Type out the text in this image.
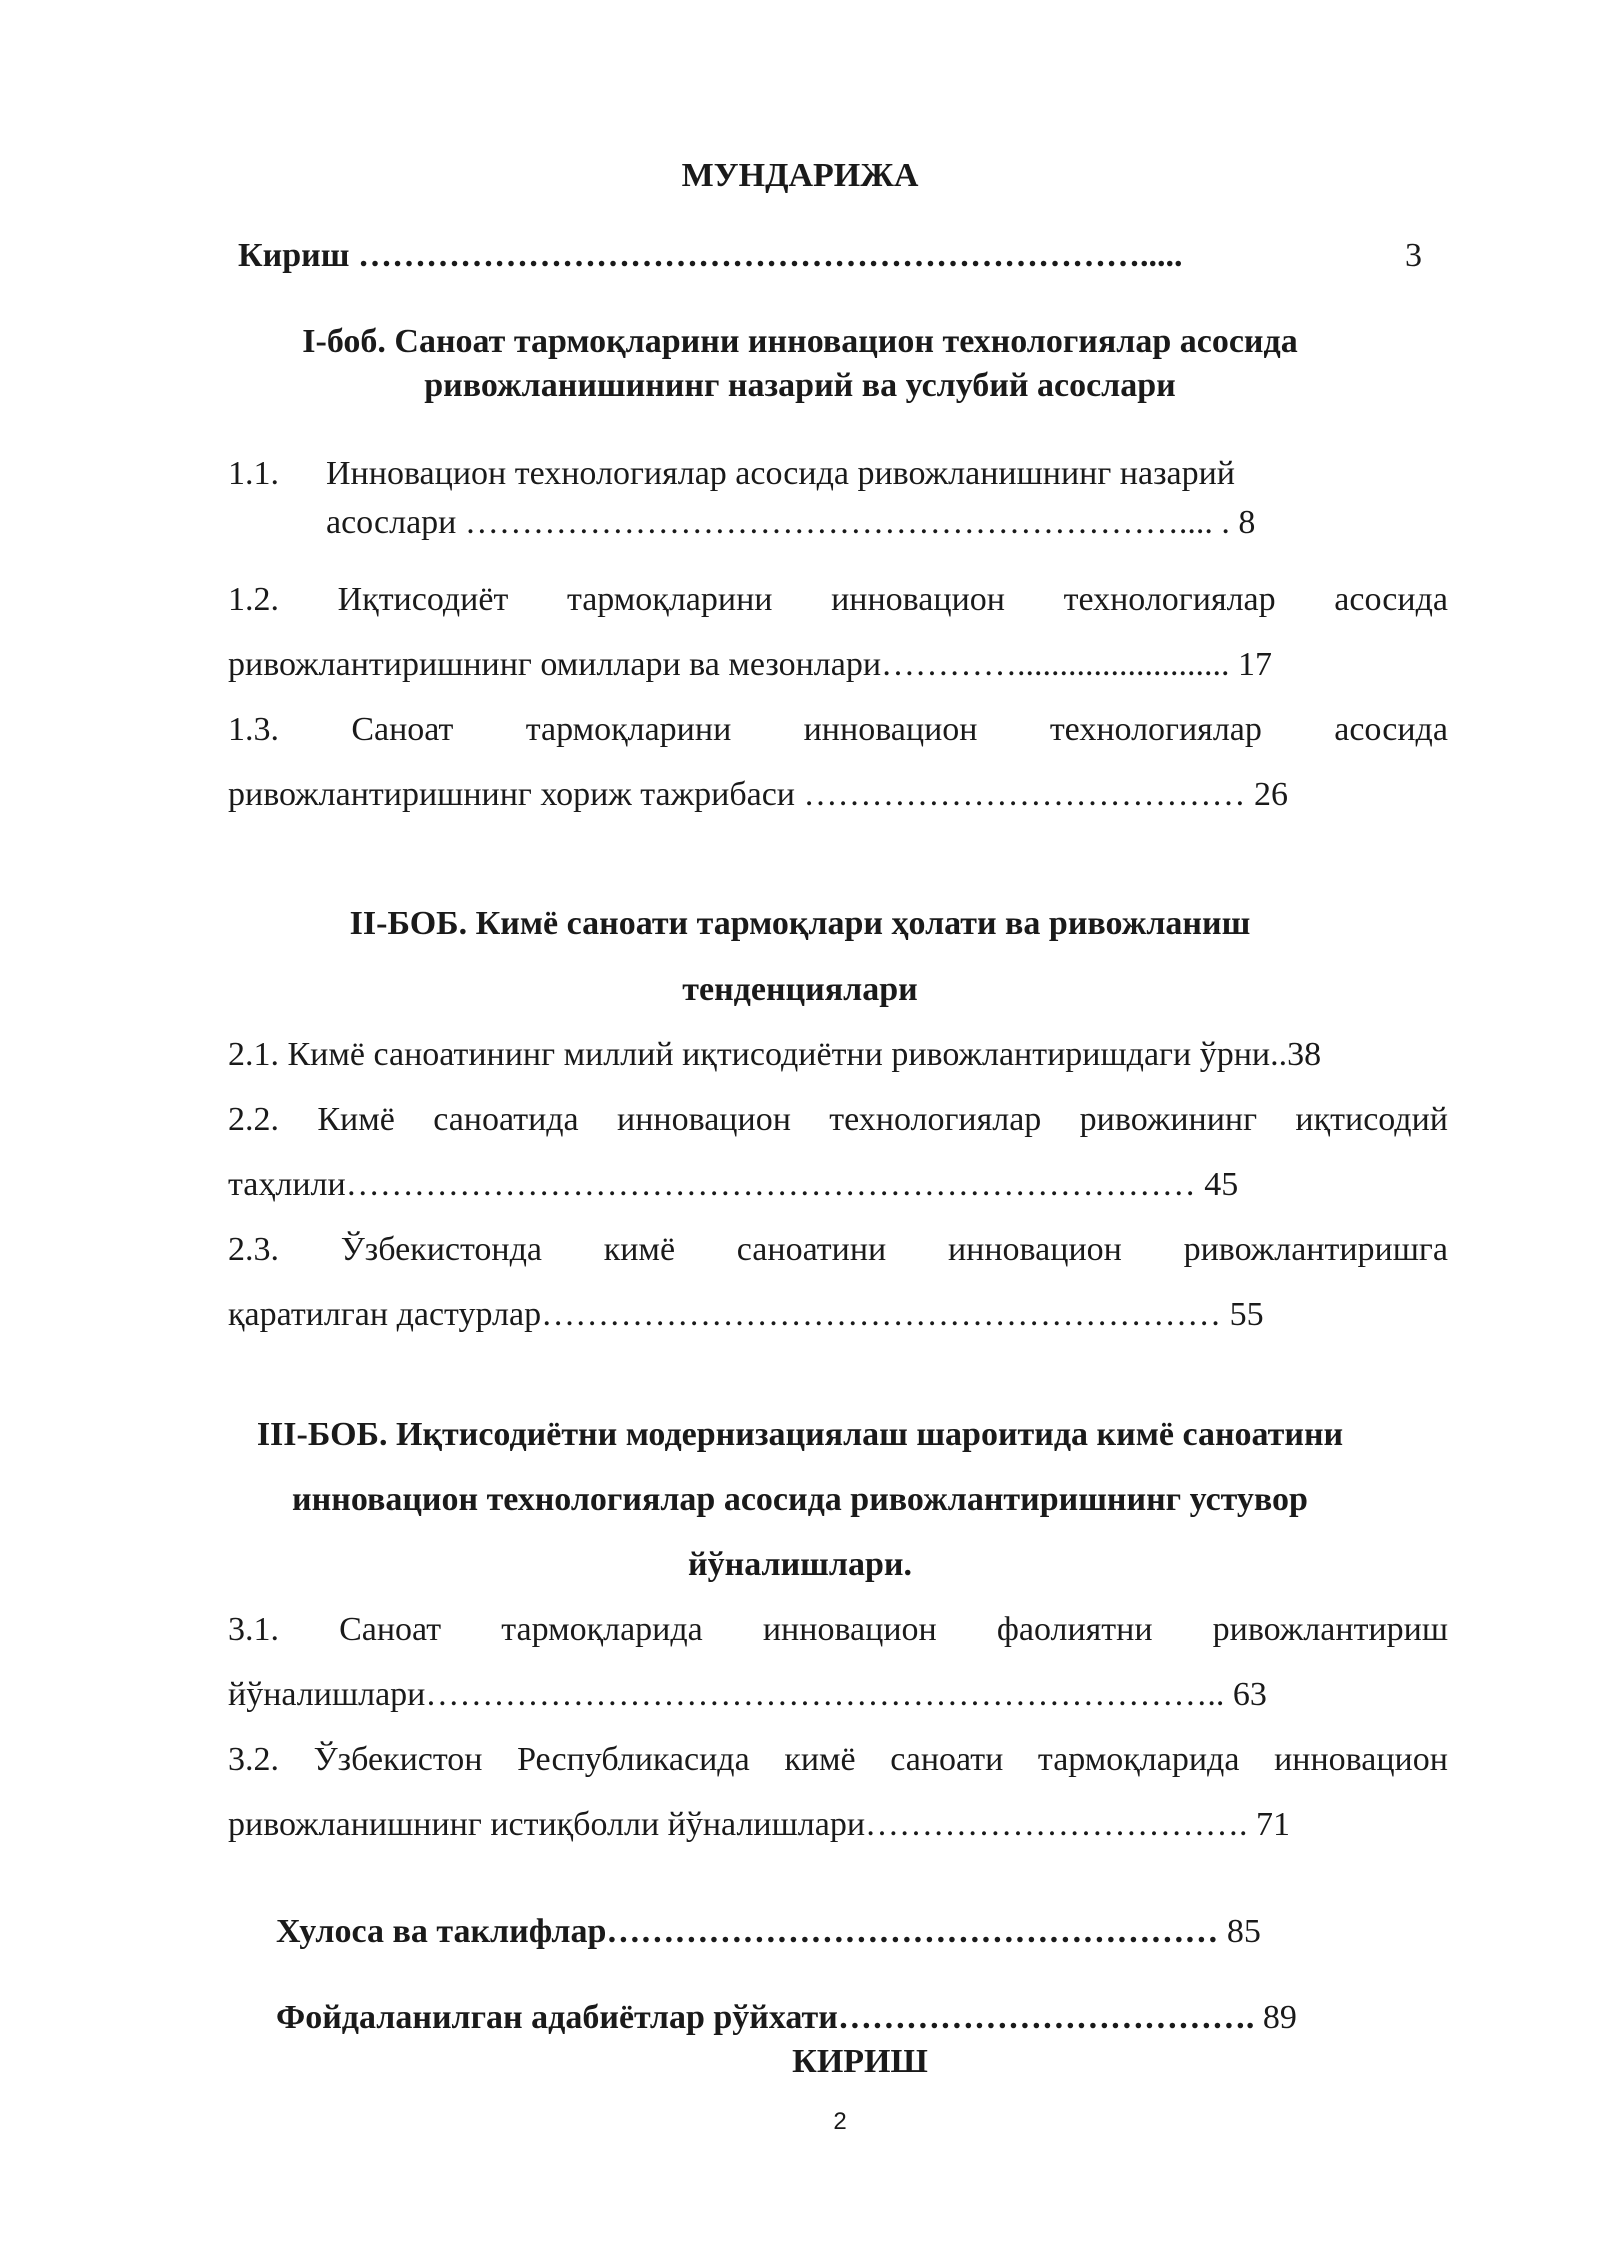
МУНДАРИЖА
Кириш …………………………………………………………….....	3
I-боб. Саноат тармоқларини инновацион технологиялар асосида
ривожланишининг назарий ва услубий асослари
1.1. Инновацион технологиялар асосида ривожланишнинг назарий
асослари ……………………………………………………….... . 8
1.2. Иқтисодиёт тармоқларини инновацион технологиялар асосида
ривожлантиришнинг омиллари ва мезонлари…………......................... 17
1.3. Саноат тармоқларини инновацион технологиялар асосида
ривожлантиришнинг хориж тажрибаси ………………………………… 26
II-БОБ. Кимё саноати тармоқлари ҳолати ва ривожланиш
тенденциялари
2.1. Кимё саноатининг миллий иқтисодиётни ривожлантиришдаги ўрни..38
2.2. Кимё саноатида инновацион технологиялар ривожининг иқтисодий
таҳлили………………………………………………………………… 45
2.3. Ўзбекистонда кимё саноатини инновацион ривожлантиришга
қаратилган дастурлар…………………………………………………… 55
III-БОБ. Иқтисодиётни модернизациялаш шароитида кимё саноатини
инновацион технологиялар асосида ривожлантиришнинг устувор
йўналишлари.
3.1. Саноат тармоқларида инновацион фаолиятни ривожлантириш
йўналишлари…………………………………………………………….. 63
3.2. Ўзбекистон Республикасида кимё саноати тармоқларида инновацион
ривожланишнинг истиқболли йўналишлари……………………………. 71
Хулоса ва таклифлар……………………………………………… 85
Фойдаланилган адабиётлар рўйхати………………………………. 89
КИРИШ
2
